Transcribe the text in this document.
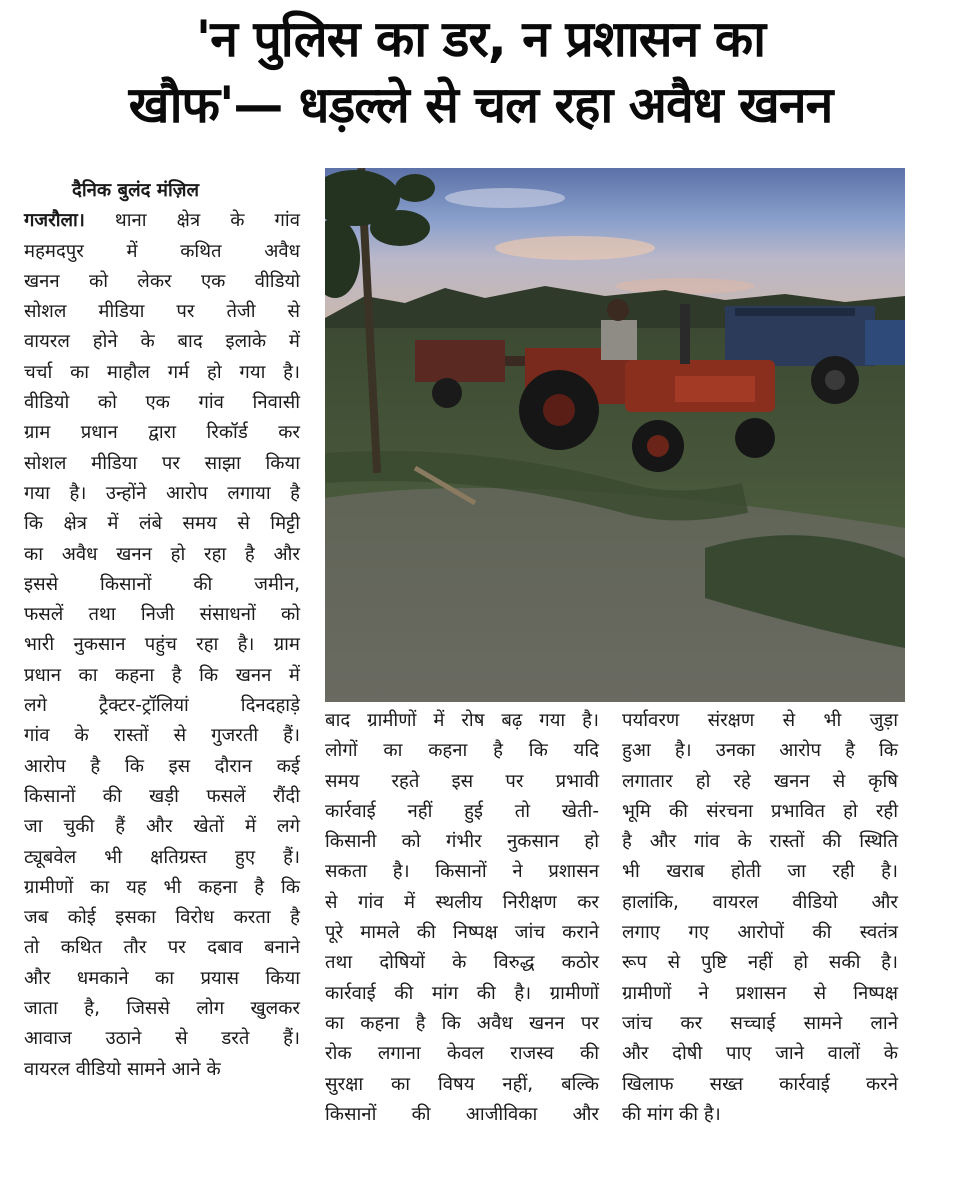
'न पुलिस का डर, न प्रशासन का
खौफ'— धड़ल्ले से चल रहा अवैध खनन
दैनिक बुलंद मंज़िल
गजरौला। थाना क्षेत्र के गांव
महमदपुर में कथित अवैध
खनन को लेकर एक वीडियो
सोशल मीडिया पर तेजी से
वायरल होने के बाद इलाके में
चर्चा का माहौल गर्म हो गया है।
वीडियो को एक गांव निवासी
ग्राम प्रधान द्वारा रिकॉर्ड कर
सोशल मीडिया पर साझा किया
गया है। उन्होंने आरोप लगाया है
कि क्षेत्र में लंबे समय से मिट्टी
का अवैध खनन हो रहा है और
इससे किसानों की जमीन,
फसलें तथा निजी संसाधनों को
भारी नुकसान पहुंच रहा है। ग्राम
प्रधान का कहना है कि खनन में
लगे ट्रैक्टर-ट्रॉलियां दिनदहाड़े
गांव के रास्तों से गुजरती हैं।
आरोप है कि इस दौरान कई
किसानों की खड़ी फसलें रौंदी
जा चुकी हैं और खेतों में लगे
ट्यूबवेल भी क्षतिग्रस्त हुए हैं।
ग्रामीणों का यह भी कहना है कि
जब कोई इसका विरोध करता है
तो कथित तौर पर दबाव बनाने
और धमकाने का प्रयास किया
जाता है, जिससे लोग खुलकर
आवाज उठाने से डरते हैं।
वायरल वीडियो सामने आने के
बाद ग्रामीणों में रोष बढ़ गया है।
लोगों का कहना है कि यदि
समय रहते इस पर प्रभावी
कार्रवाई नहीं हुई तो खेती-
किसानी को गंभीर नुकसान हो
सकता है। किसानों ने प्रशासन
से गांव में स्थलीय निरीक्षण कर
पूरे मामले की निष्पक्ष जांच कराने
तथा दोषियों के विरुद्ध कठोर
कार्रवाई की मांग की है। ग्रामीणों
का कहना है कि अवैध खनन पर
रोक लगाना केवल राजस्व की
सुरक्षा का विषय नहीं, बल्कि
किसानों की आजीविका और
पर्यावरण संरक्षण से भी जुड़ा
हुआ है। उनका आरोप है कि
लगातार हो रहे खनन से कृषि
भूमि की संरचना प्रभावित हो रही
है और गांव के रास्तों की स्थिति
भी खराब होती जा रही है।
हालांकि, वायरल वीडियो और
लगाए गए आरोपों की स्वतंत्र
रूप से पुष्टि नहीं हो सकी है।
ग्रामीणों ने प्रशासन से निष्पक्ष
जांच कर सच्चाई सामने लाने
और दोषी पाए जाने वालों के
खिलाफ सख्त कार्रवाई करने
की मांग की है।
